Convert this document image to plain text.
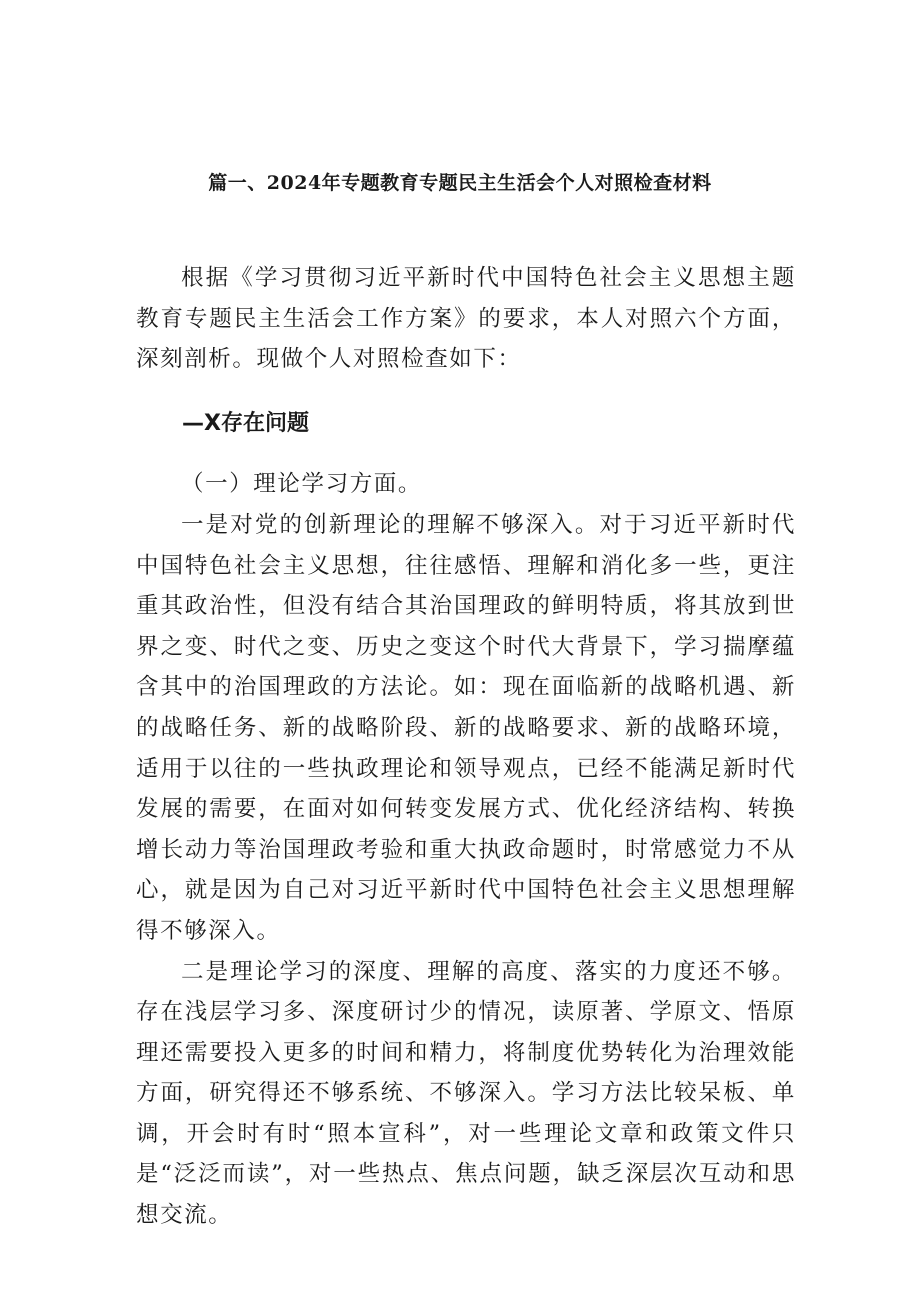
篇一、2024年专题教育专题民主生活会个人对照检查材料

根据《学习贯彻习近平新时代中国特色社会主义思想主题教育专题民主生活会工作方案》的要求，本人对照六个方面，深刻剖析。现做个人对照检查如下：

—X存在问题

（一）理论学习方面。

一是对党的创新理论的理解不够深入。对于习近平新时代中国特色社会主义思想，往往感悟、理解和消化多一些，更注重其政治性，但没有结合其治国理政的鲜明特质，将其放到世界之变、时代之变、历史之变这个时代大背景下，学习揣摩蕴含其中的治国理政的方法论。如：现在面临新的战略机遇、新的战略任务、新的战略阶段、新的战略要求、新的战略环境，适用于以往的一些执政理论和领导观点，已经不能满足新时代发展的需要，在面对如何转变发展方式、优化经济结构、转换增长动力等治国理政考验和重大执政命题时，时常感觉力不从心，就是因为自己对习近平新时代中国特色社会主义思想理解得不够深入。

二是理论学习的深度、理解的高度、落实的力度还不够。存在浅层学习多、深度研讨少的情况，读原著、学原文、悟原理还需要投入更多的时间和精力，将制度优势转化为治理效能方面，研究得还不够系统、不够深入。学习方法比较呆板、单调，开会时有时“照本宣科”，对一些理论文章和政策文件只是“泛泛而读”，对一些热点、焦点问题，缺乏深层次互动和思想交流。
